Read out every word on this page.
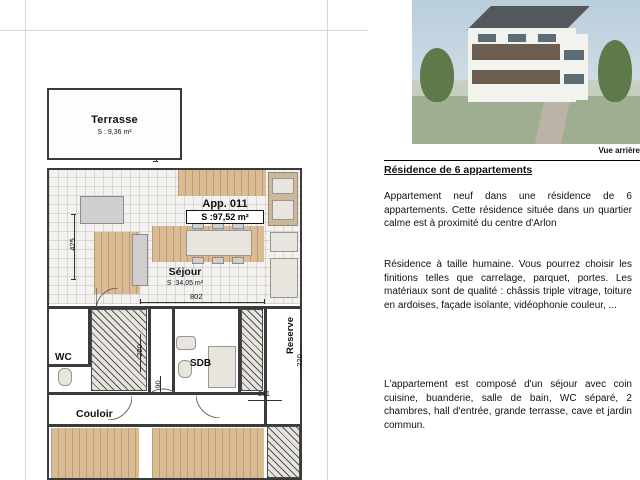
Terrasse
S : 9,36 m²
App. 011
S :97,52 m²
Séjour
S :34,05 m²
425
802
WC
SDB
Couloir
Reserve
220
220
90
211
Vue arrière
Résidence de 6 appartements
Appartement neuf dans une résidence de 6 appartements. Cette résidence située dans un quartier calme est à proximité du centre d'Arlon
Résidence à taille humaine. Vous pourrez choisir les finitions telles que carrelage, parquet, portes. Les matériaux sont de qualité : châssis triple vitrage, toiture en ardoises, façade isolante, vidéophonie couleur, ...
L'appartement est composé d'un séjour avec coin cuisine, buanderie, salle de bain, WC séparé, 2 chambres, hall d'entrée, grande terrasse, cave et jardin commun.
